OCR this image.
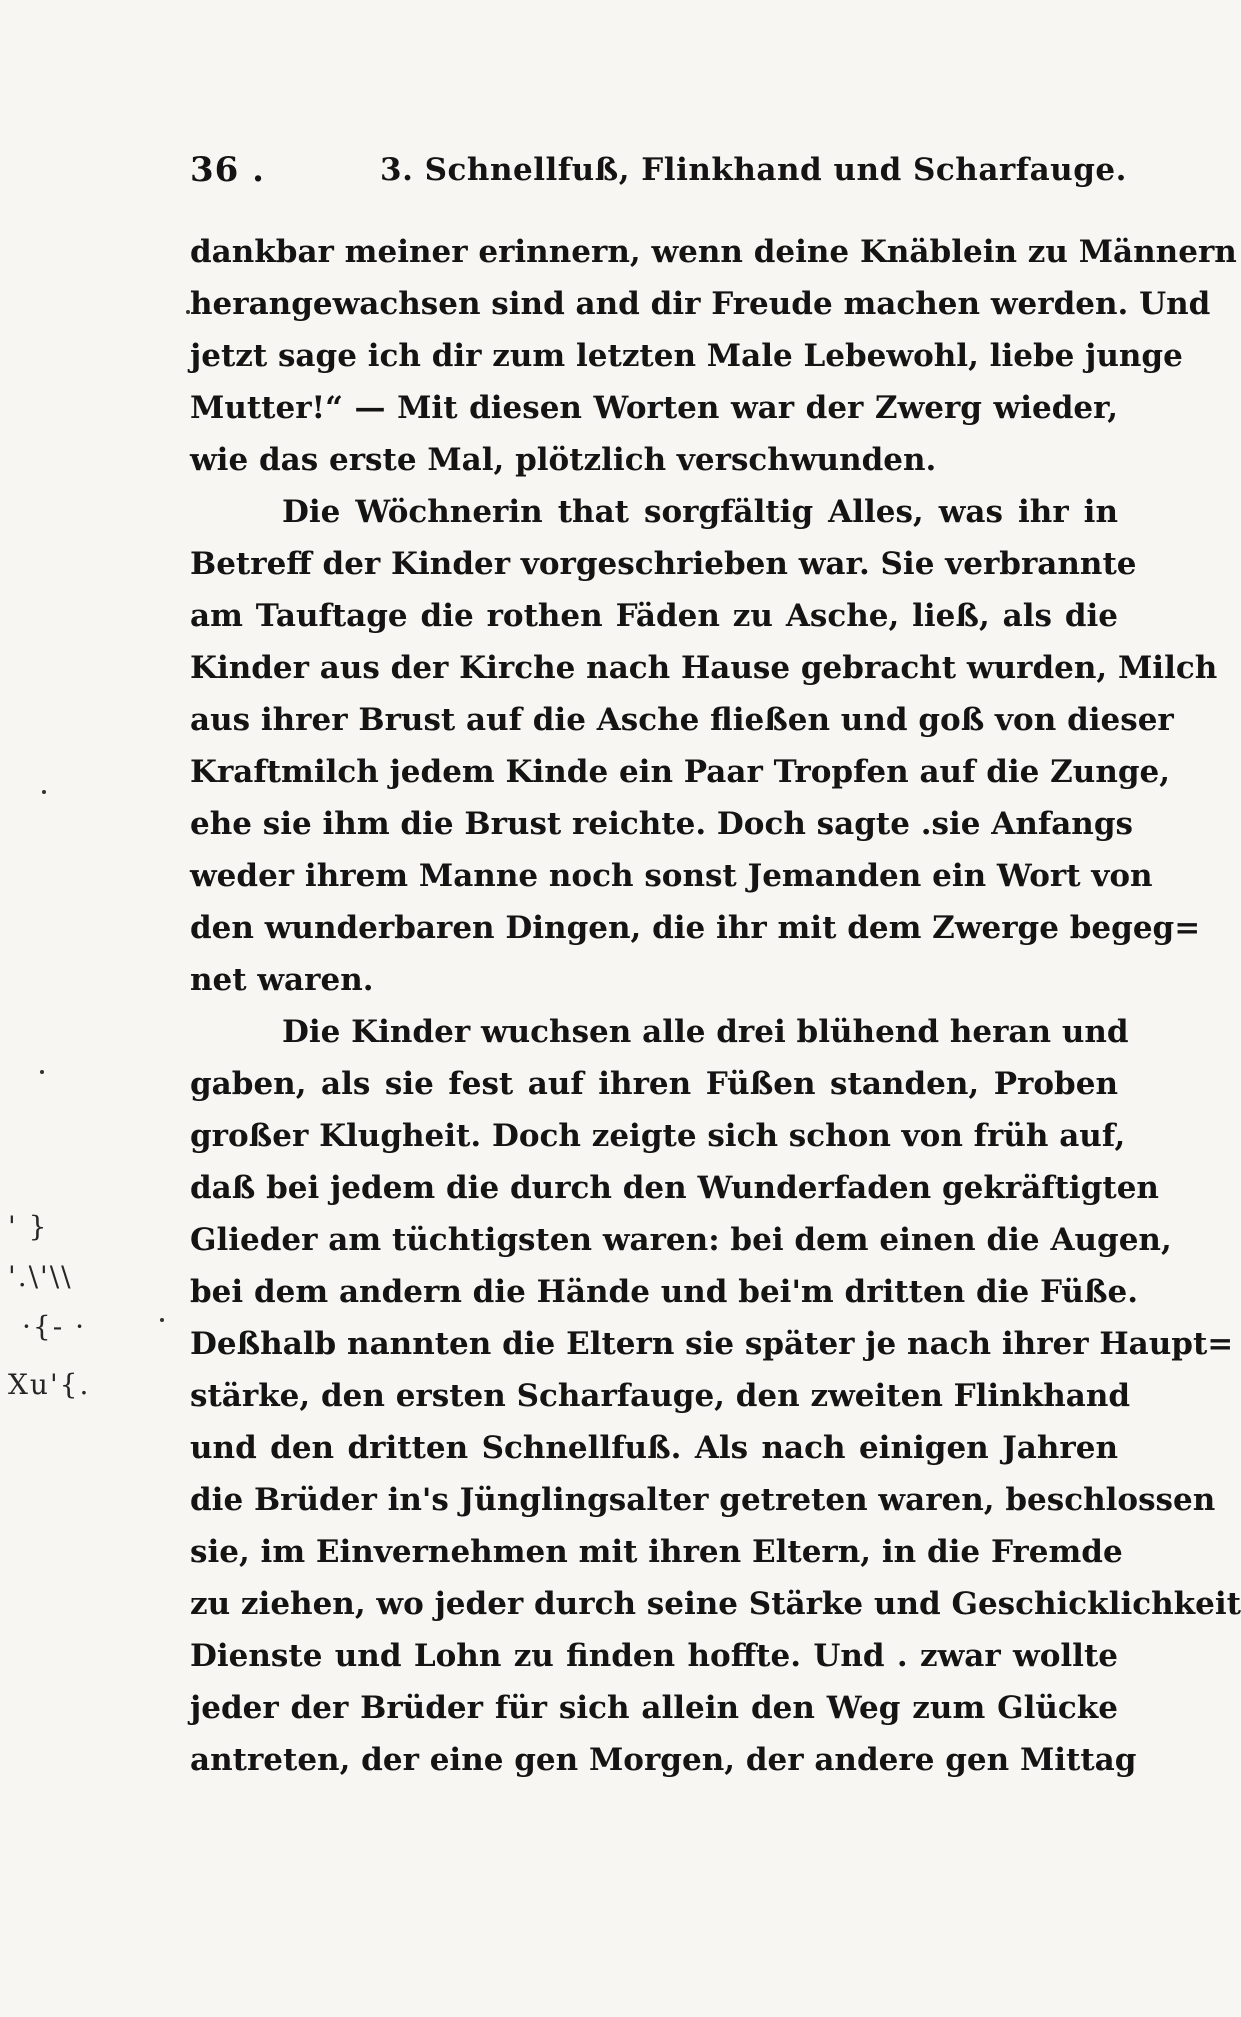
36 .	3. Schnellfuß, Flinkhand und Scharfauge.
dankbar meiner erinnern, wenn deine Knäblein zu Männern
herangewachsen sind and dir Freude machen werden. Und
jetzt sage ich dir zum letzten Male Lebewohl, liebe junge
Mutter!“ — Mit diesen Worten war der Zwerg wieder,
wie das erste Mal, plötzlich verschwunden.
Die Wöchnerin that sorgfältig Alles, was ihr in
Betreff der Kinder vorgeschrieben war. Sie verbrannte
am Tauftage die rothen Fäden zu Asche, ließ, als die
Kinder aus der Kirche nach Hause gebracht wurden, Milch
aus ihrer Brust auf die Asche fließen und goß von dieser
Kraftmilch jedem Kinde ein Paar Tropfen auf die Zunge,
ehe sie ihm die Brust reichte. Doch sagte .sie Anfangs
weder ihrem Manne noch sonst Jemanden ein Wort von
den wunderbaren Dingen, die ihr mit dem Zwerge begeg=
net waren.
Die Kinder wuchsen alle drei blühend heran und
gaben, als sie fest auf ihren Füßen standen, Proben
großer Klugheit. Doch zeigte sich schon von früh auf,
daß bei jedem die durch den Wunderfaden gekräftigten
Glieder am tüchtigsten waren: bei dem einen die Augen,
bei dem andern die Hände und bei'm dritten die Füße.
Deßhalb nannten die Eltern sie später je nach ihrer Haupt=
stärke, den ersten Scharfauge, den zweiten Flinkhand
und den dritten Schnellfuß. Als nach einigen Jahren
die Brüder in's Jünglingsalter getreten waren, beschlossen
sie, im Einvernehmen mit ihren Eltern, in die Fremde
zu ziehen, wo jeder durch seine Stärke und Geschicklichkeit
Dienste und Lohn zu finden hoffte. Und . zwar wollte
jeder der Brüder für sich allein den Weg zum Glücke
antreten, der eine gen Morgen, der andere gen Mittag
' }
'.\'\\
·{- ·
Xu'{.
